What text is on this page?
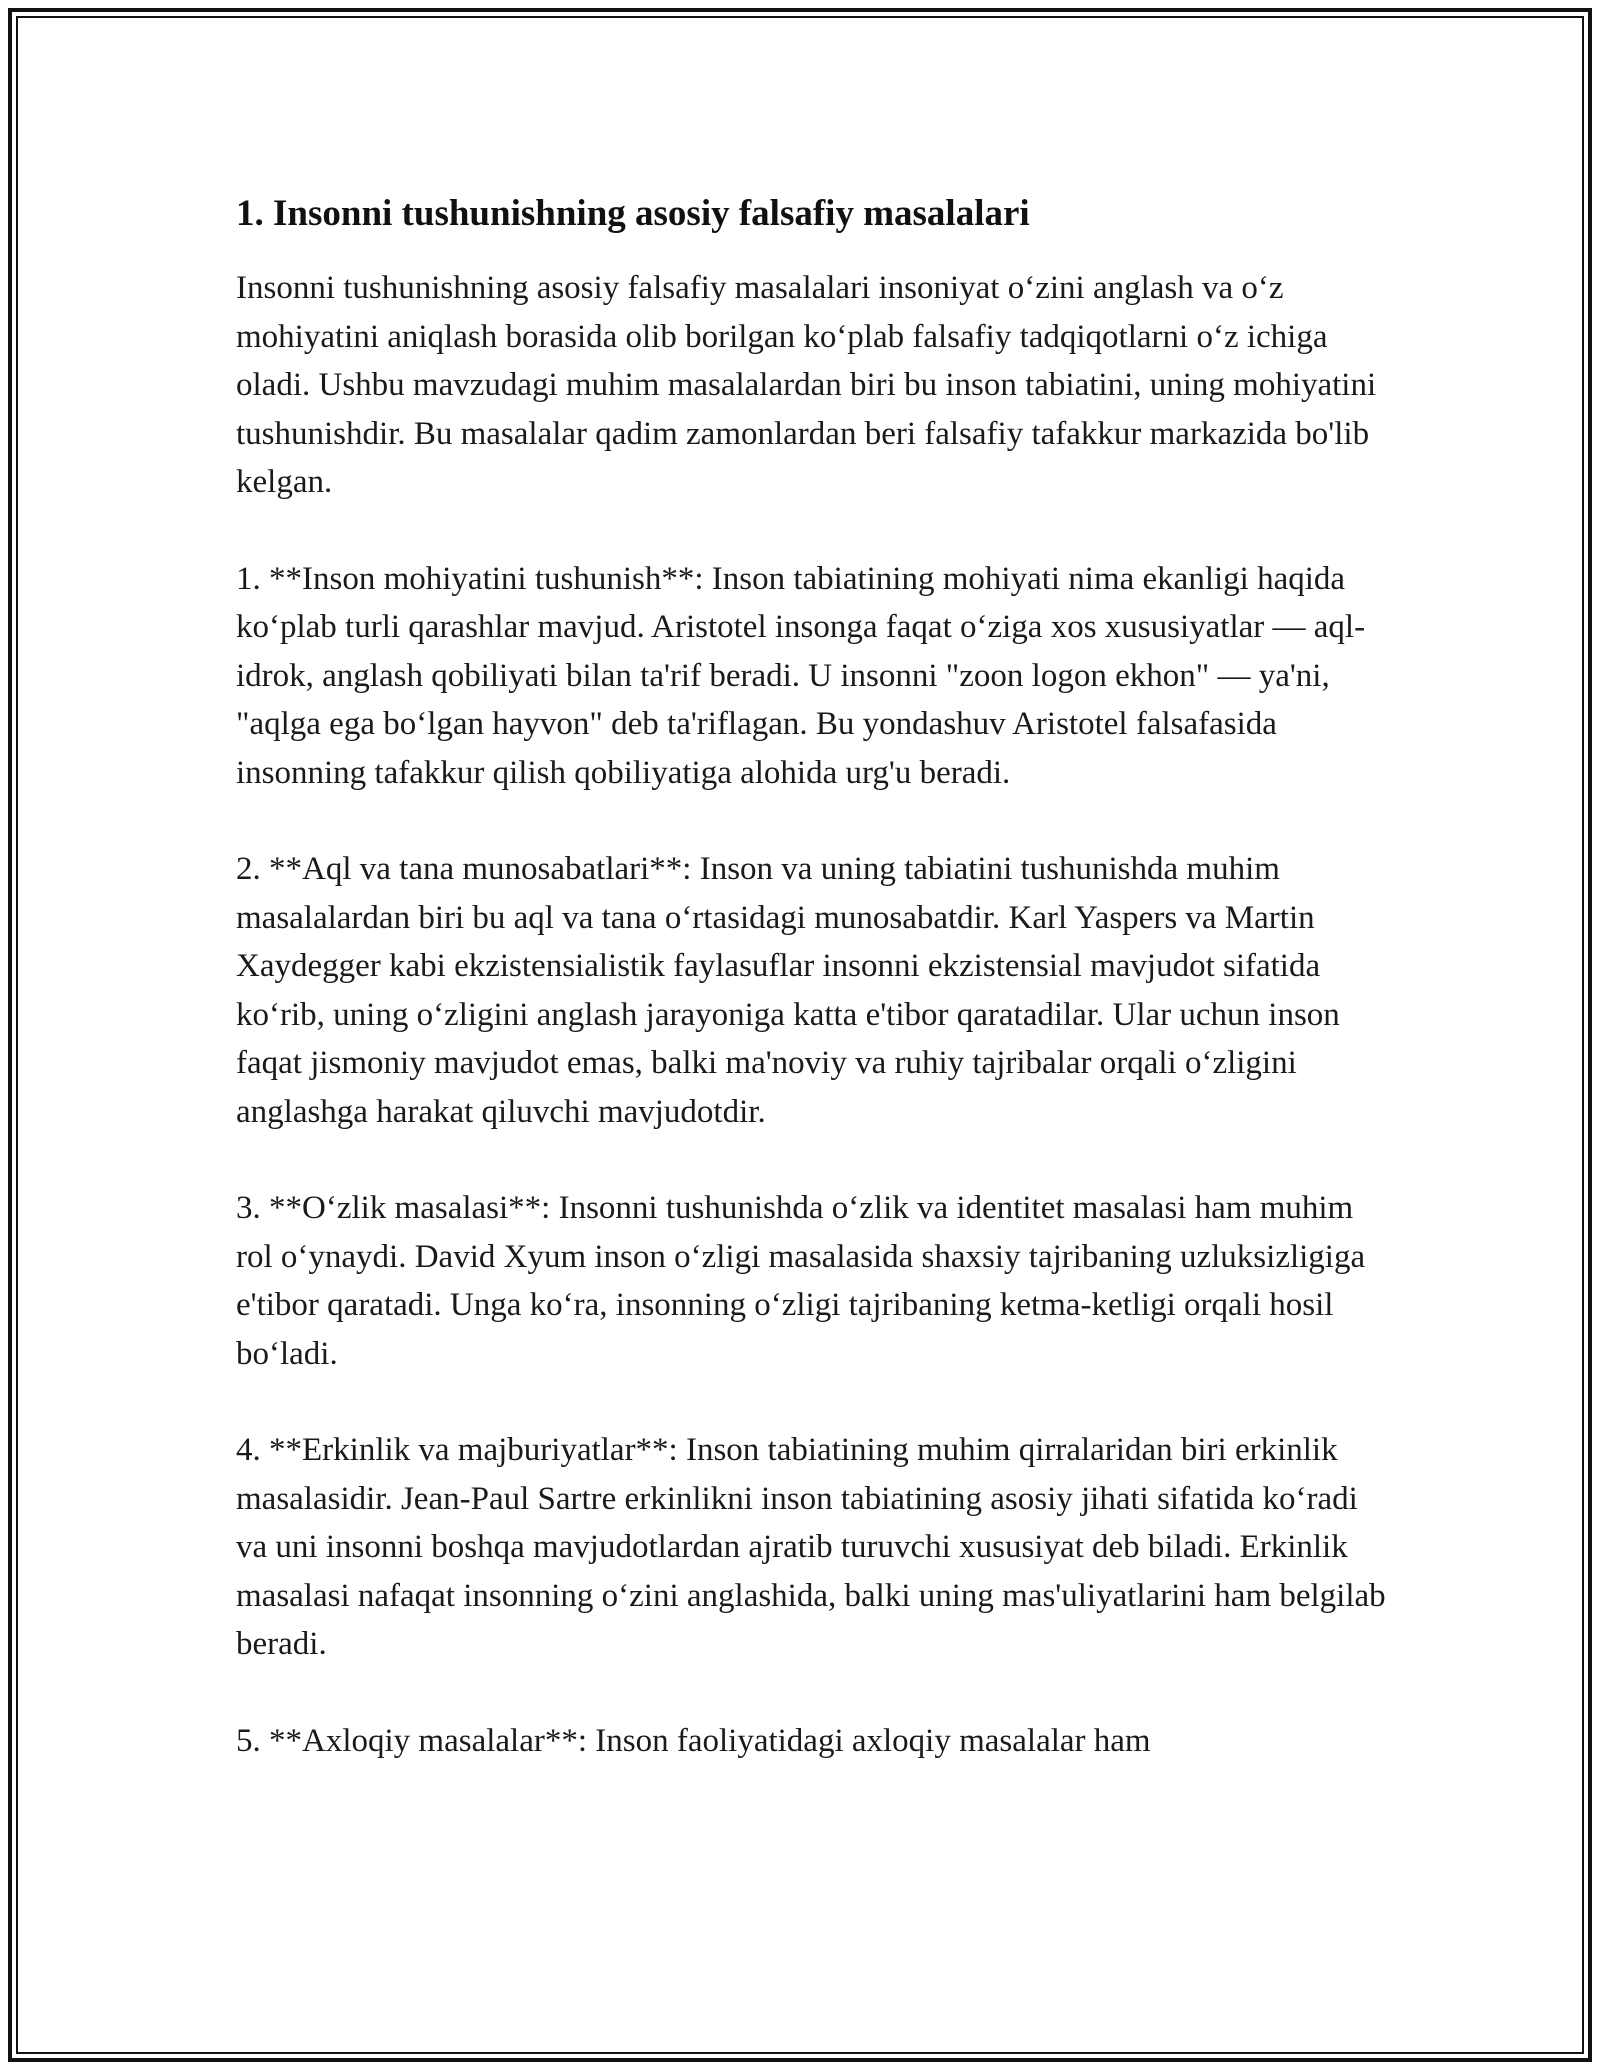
1. Insonni tushunishning asosiy falsafiy masalalari

Insonni tushunishning asosiy falsafiy masalalari insoniyat o‘zini anglash va o‘z mohiyatini aniqlash borasida olib borilgan ko‘plab falsafiy tadqiqotlarni o‘z ichiga oladi. Ushbu mavzudagi muhim masalalardan biri bu inson tabiatini, uning mohiyatini tushunishdir. Bu masalalar qadim zamonlardan beri falsafiy tafakkur markazida bo'lib kelgan.

1. **Inson mohiyatini tushunish**: Inson tabiatining mohiyati nima ekanligi haqida ko‘plab turli qarashlar mavjud. Aristotel insonga faqat o‘ziga xos xususiyatlar — aql-idrok, anglash qobiliyati bilan ta'rif beradi. U insonni "zoon logon ekhon" — ya'ni, "aqlga ega bo‘lgan hayvon" deb ta'riflagan. Bu yondashuv Aristotel falsafasida insonning tafakkur qilish qobiliyatiga alohida urg'u beradi.

2. **Aql va tana munosabatlari**: Inson va uning tabiatini tushunishda muhim masalalardan biri bu aql va tana o‘rtasidagi munosabatdir. Karl Yaspers va Martin Xaydegger kabi ekzistensialistik faylasuflar insonni ekzistensial mavjudot sifatida ko‘rib, uning o‘zligini anglash jarayoniga katta e'tibor qaratadilar. Ular uchun inson faqat jismoniy mavjudot emas, balki ma'noviy va ruhiy tajribalar orqali o‘zligini anglashga harakat qiluvchi mavjudotdir.

3. **O‘zlik masalasi**: Insonni tushunishda o‘zlik va identitet masalasi ham muhim rol o‘ynaydi. David Xyum inson o‘zligi masalasida shaxsiy tajribaning uzluksizligiga e'tibor qaratadi. Unga ko‘ra, insonning o‘zligi tajribaning ketma-ketligi orqali hosil bo‘ladi.

4. **Erkinlik va majburiyatlar**: Inson tabiatining muhim qirralaridan biri erkinlik masalasidir. Jean-Paul Sartre erkinlikni inson tabiatining asosiy jihati sifatida ko‘radi va uni insonni boshqa mavjudotlardan ajratib turuvchi xususiyat deb biladi. Erkinlik masalasi nafaqat insonning o‘zini anglashida, balki uning mas'uliyatlarini ham belgilab beradi.

5. **Axloqiy masalalar**: Inson faoliyatidagi axloqiy masalalar ham
